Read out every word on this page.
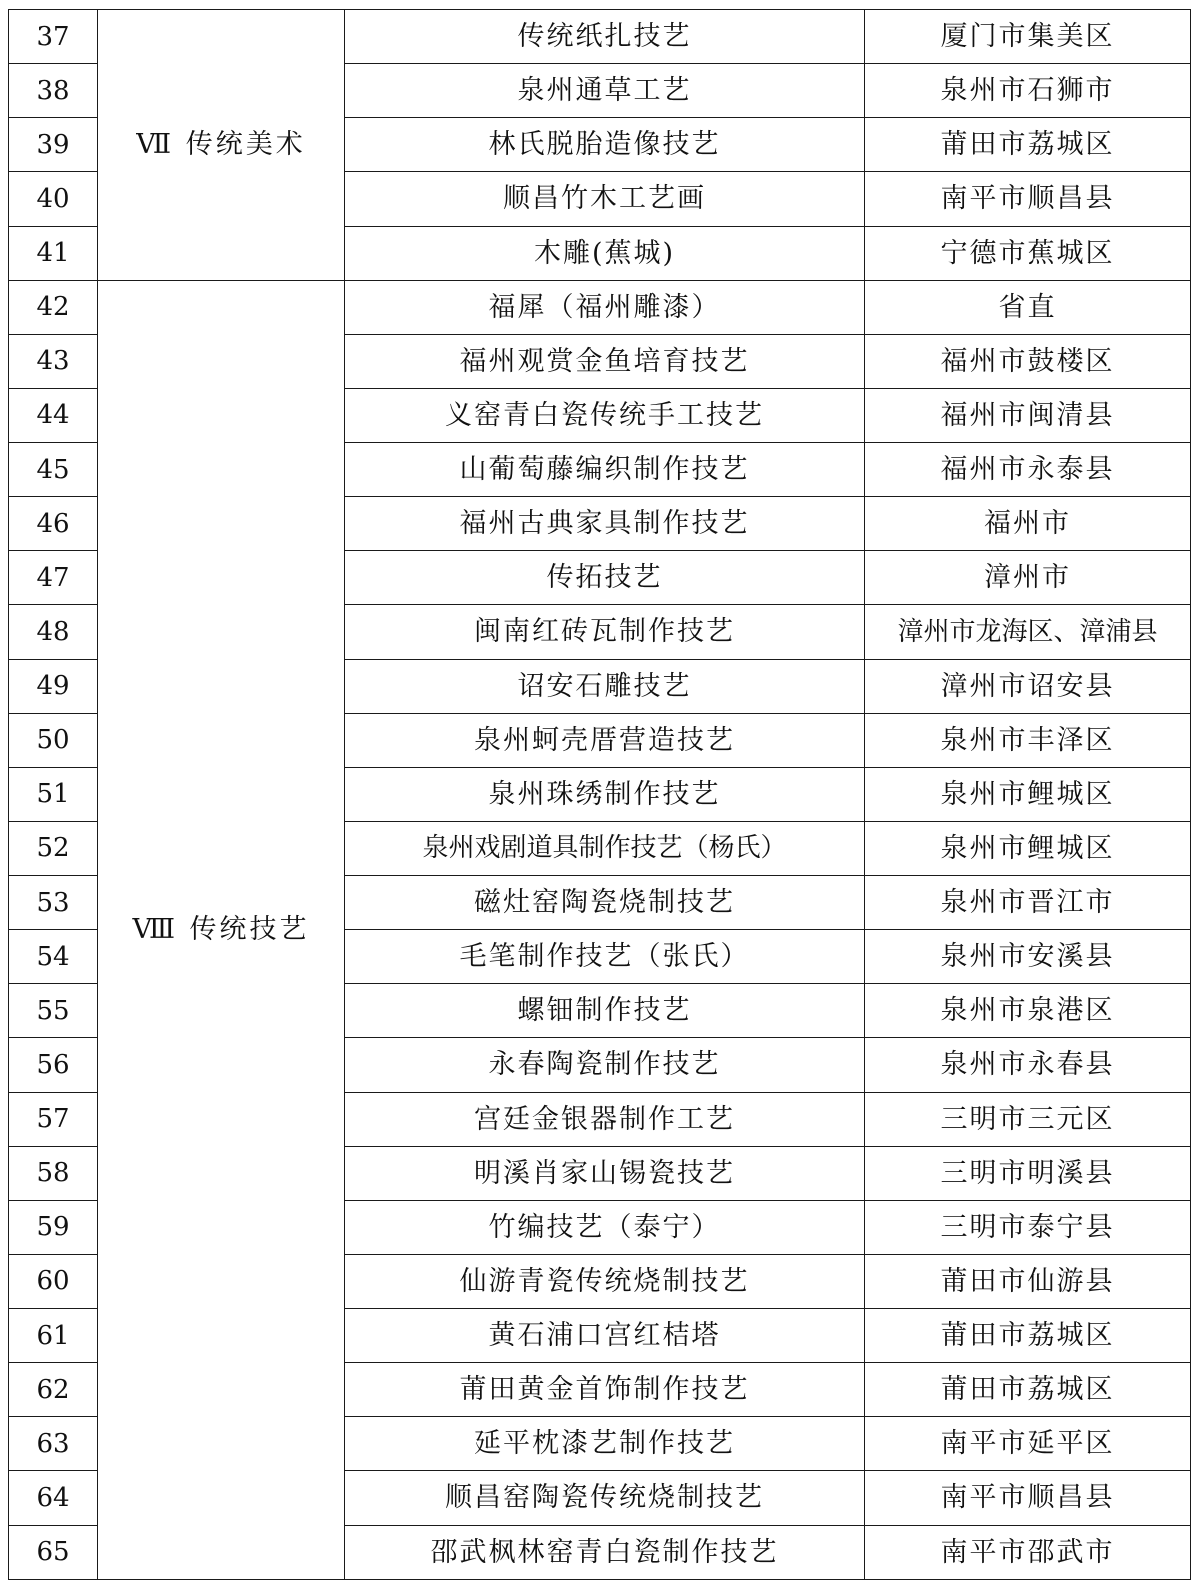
37	Ⅶ 传统美术	传统纸扎技艺	厦门市集美区
38		泉州通草工艺	泉州市石狮市
39		林氏脱胎造像技艺	莆田市荔城区
40		顺昌竹木工艺画	南平市顺昌县
41		木雕(蕉城)	宁德市蕉城区
42	Ⅷ 传统技艺	福犀（福州雕漆）	省直
43		福州观赏金鱼培育技艺	福州市鼓楼区
44		义窑青白瓷传统手工技艺	福州市闽清县
45		山葡萄藤编织制作技艺	福州市永泰县
46		福州古典家具制作技艺	福州市
47		传拓技艺	漳州市
48		闽南红砖瓦制作技艺	漳州市龙海区、漳浦县
49		诏安石雕技艺	漳州市诏安县
50		泉州蚵壳厝营造技艺	泉州市丰泽区
51		泉州珠绣制作技艺	泉州市鲤城区
52		泉州戏剧道具制作技艺（杨氏）	泉州市鲤城区
53		磁灶窑陶瓷烧制技艺	泉州市晋江市
54		毛笔制作技艺（张氏）	泉州市安溪县
55		螺钿制作技艺	泉州市泉港区
56		永春陶瓷制作技艺	泉州市永春县
57		宫廷金银器制作工艺	三明市三元区
58		明溪肖家山锡瓷技艺	三明市明溪县
59		竹编技艺（泰宁）	三明市泰宁县
60		仙游青瓷传统烧制技艺	莆田市仙游县
61		黄石浦口宫红桔塔	莆田市荔城区
62		莆田黄金首饰制作技艺	莆田市荔城区
63		延平枕漆艺制作技艺	南平市延平区
64		顺昌窑陶瓷传统烧制技艺	南平市顺昌县
65		邵武枫林窑青白瓷制作技艺	南平市邵武市
